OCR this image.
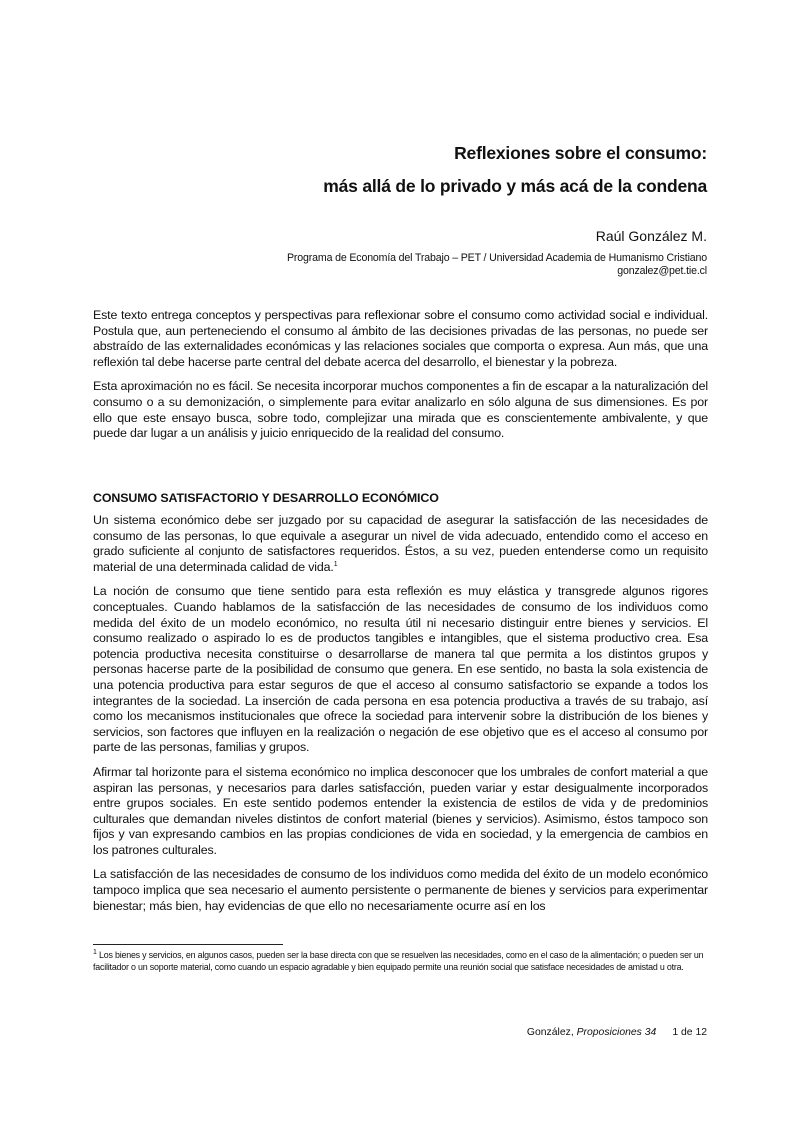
Reflexiones sobre el consumo:
más allá de lo privado y más acá de la condena
Raúl González M.
Programa de Economía del Trabajo – PET / Universidad Academia de Humanismo Cristiano
gonzalez@pet.tie.cl

Este texto entrega conceptos y perspectivas para reflexionar sobre el consumo como actividad social e individual. Postula que, aun perteneciendo el consumo al ámbito de las decisiones privadas de las personas, no puede ser abstraído de las externalidades económicas y las relaciones sociales que comporta o expresa. Aun más, que una reflexión tal debe hacerse parte central del debate acerca del desarrollo, el bienestar y la pobreza.

Esta aproximación no es fácil. Se necesita incorporar muchos componentes a fin de escapar a la naturalización del consumo o a su demonización, o simplemente para evitar analizarlo en sólo alguna de sus dimensiones. Es por ello que este ensayo busca, sobre todo, complejizar una mirada que es conscientemente ambivalente, y que puede dar lugar a un análisis y juicio enriquecido de la realidad del consumo.

CONSUMO SATISFACTORIO Y DESARROLLO ECONÓMICO

Un sistema económico debe ser juzgado por su capacidad de asegurar la satisfacción de las necesidades de consumo de las personas, lo que equivale a asegurar un nivel de vida adecuado, entendido como el acceso en grado suficiente al conjunto de satisfactores requeridos. Éstos, a su vez, pueden entenderse como un requisito material de una determinada calidad de vida.$^1$

La noción de consumo que tiene sentido para esta reflexión es muy elástica y transgrede algunos rigores conceptuales. Cuando hablamos de la satisfacción de las necesidades de consumo de los individuos como medida del éxito de un modelo económico, no resulta útil ni necesario distinguir entre bienes y servicios. El consumo realizado o aspirado lo es de productos tangibles e intangibles, que el sistema productivo crea. Esa potencia productiva necesita constituirse o desarrollarse de manera tal que permita a los distintos grupos y personas hacerse parte de la posibilidad de consumo que genera. En ese sentido, no basta la sola existencia de una potencia productiva para estar seguros de que el acceso al consumo satisfactorio se expande a todos los integrantes de la sociedad. La inserción de cada persona en esa potencia productiva a través de su trabajo, así como los mecanismos institucionales que ofrece la sociedad para intervenir sobre la distribución de los bienes y servicios, son factores que influyen en la realización o negación de ese objetivo que es el acceso al consumo por parte de las personas, familias y grupos.

Afirmar tal horizonte para el sistema económico no implica desconocer que los umbrales de confort material a que aspiran las personas, y necesarios para darles satisfacción, pueden variar y estar desigualmente incorporados entre grupos sociales. En este sentido podemos entender la existencia de estilos de vida y de predominios culturales que demandan niveles distintos de confort material (bienes y servicios). Asimismo, éstos tampoco son fijos y van expresando cambios en las propias condiciones de vida en sociedad, y la emergencia de cambios en los patrones culturales.

La satisfacción de las necesidades de consumo de los individuos como medida del éxito de un modelo económico tampoco implica que sea necesario el aumento persistente o permanente de bienes y servicios para experimentar bienestar; más bien, hay evidencias de que ello no necesariamente ocurre así en los

$^1$ Los bienes y servicios, en algunos casos, pueden ser la base directa con que se resuelven las necesidades, como en el caso de la alimentación; o pueden ser un facilitador o un soporte material, como cuando un espacio agradable y bien equipado permite una reunión social que satisface necesidades de amistad u otra.
González, Proposiciones 34 1 de 12
